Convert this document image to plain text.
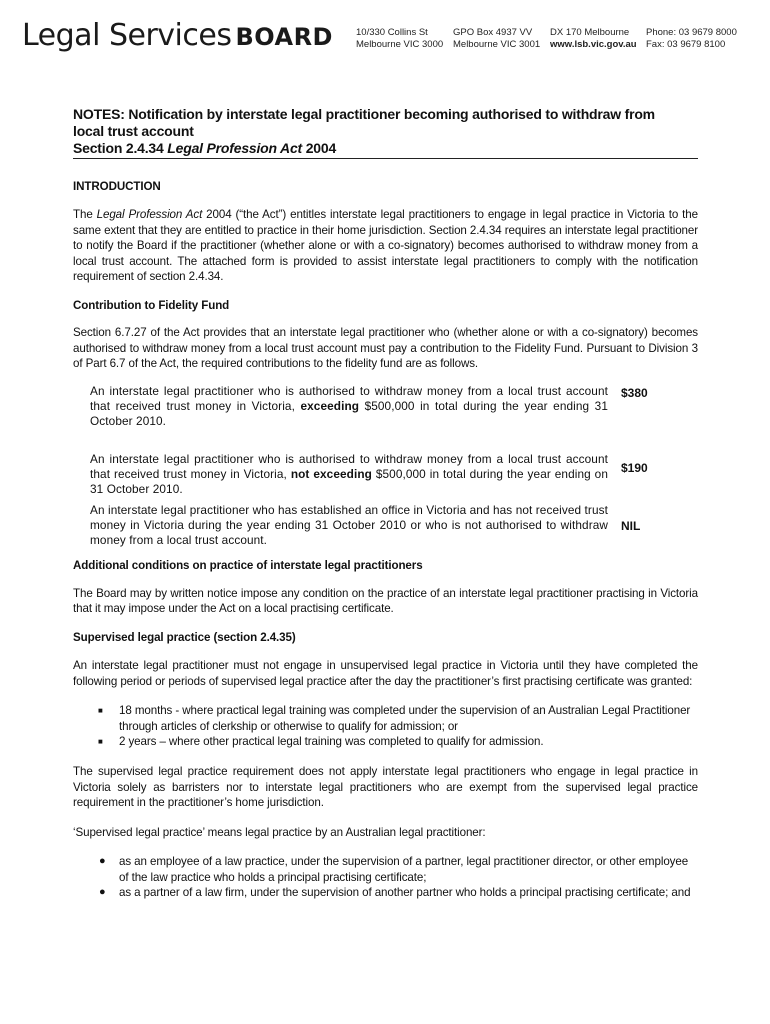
Legal Services BOARD 10/330 Collins St
Melbourne VIC 3000
GPO Box 4937 VV
Melbourne VIC 3001
DX 170 Melbourne
www.lsb.vic.gov.au
Phone: 03 9679 8000
Fax: 03 9679 8100
NOTES: Notification by interstate legal practitioner becoming authorised to withdraw from
local trust account
Section 2.4.34 Legal Profession Act 2004
INTRODUCTION

The Legal Profession Act 2004 (“the Act”) entitles interstate legal practitioners to engage in legal practice in Victoria to the same extent that they are entitled to practice in their home jurisdiction. Section 2.4.34 requires an interstate legal practitioner to notify the Board if the practitioner (whether alone or with a co-signatory) becomes authorised to withdraw money from a local trust account. The attached form is provided to assist interstate legal practitioners to comply with the notification requirement of section 2.4.34.

Contribution to Fidelity Fund

Section 6.7.27 of the Act provides that an interstate legal practitioner who (whether alone or with a co-signatory) becomes authorised to withdraw money from a local trust account must pay a contribution to the Fidelity Fund. Pursuant to Division 3 of Part 6.7 of the Act, the required contributions to the fidelity fund are as follows.

An interstate legal practitioner who is authorised to withdraw money from a local trust account that received trust money in Victoria, exceeding $500,000 in total during the year ending 31 October 2010.
$380
An interstate legal practitioner who is authorised to withdraw money from a local trust account that received trust money in Victoria, not exceeding $500,000 in total during the year ending on 31 October 2010.
$190
An interstate legal practitioner who has established an office in Victoria and has not received trust money in Victoria during the year ending 31 October 2010 or who is not authorised to withdraw money from a local trust account.
NIL
Additional conditions on practice of interstate legal practitioners

The Board may by written notice impose any condition on the practice of an interstate legal practitioner practising in Victoria that it may impose under the Act on a local practising certificate.

Supervised legal practice (section 2.4.35)

An interstate legal practitioner must not engage in unsupervised legal practice in Victoria until they have completed the following period or periods of supervised legal practice after the day the practitioner’s first practising certificate was granted:

■ 18 months - where practical legal training was completed under the supervision of an Australian Legal Practitioner through articles of clerkship or otherwise to qualify for admission; or
■ 2 years – where other practical legal training was completed to qualify for admission.

The supervised legal practice requirement does not apply interstate legal practitioners who engage in legal practice in Victoria solely as barristers nor to interstate legal practitioners who are exempt from the supervised legal practice requirement in the practitioner’s home jurisdiction.

‘Supervised legal practice’ means legal practice by an Australian legal practitioner:

● as an employee of a law practice, under the supervision of a partner, legal practitioner director, or other employee of the law practice who holds a principal practising certificate;
● as a partner of a law firm, under the supervision of another partner who holds a principal practising certificate; and
